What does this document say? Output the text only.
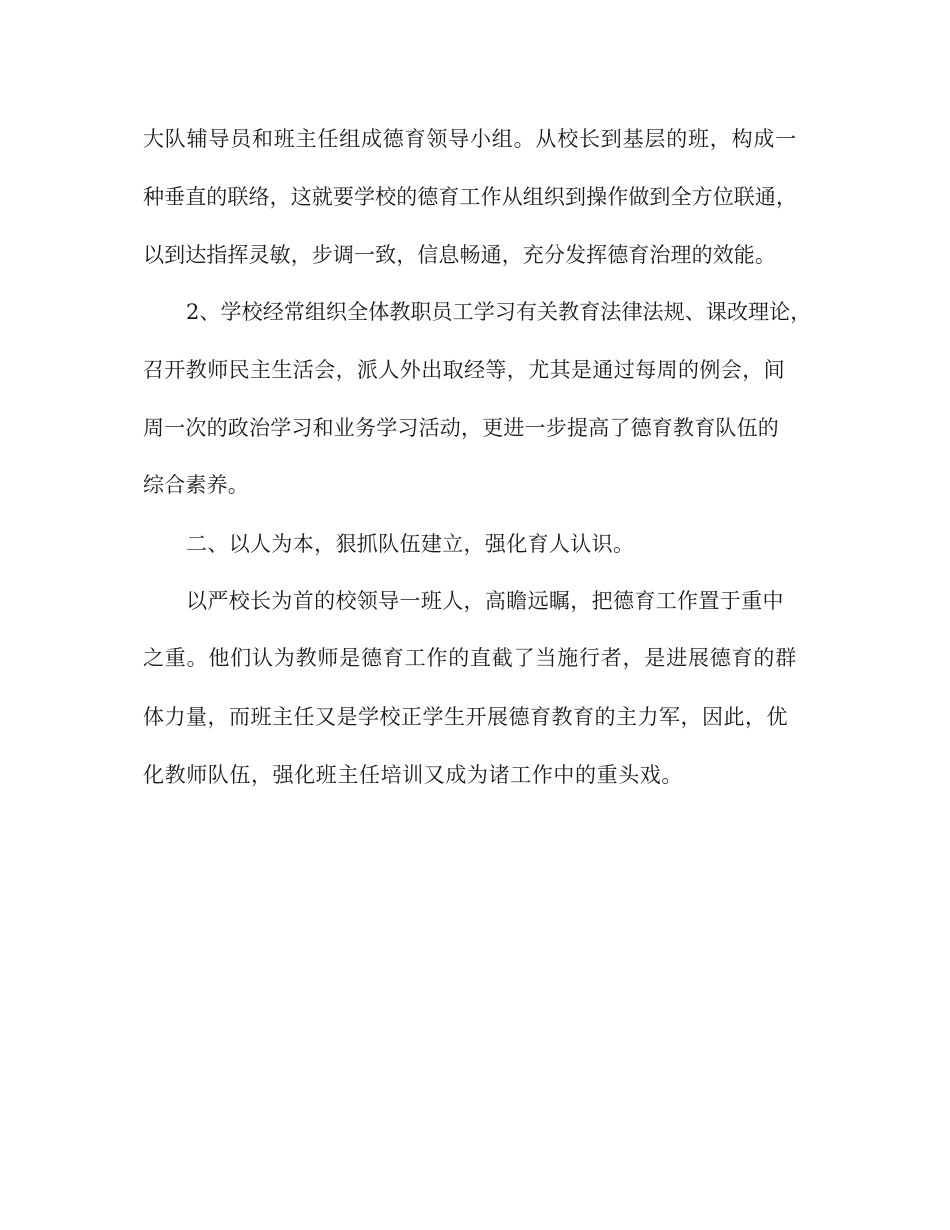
大队辅导员和班主任组成德育领导小组。从校长到基层的班，构成一
种垂直的联络，这就要学校的德育工作从组织到操作做到全方位联通，
以到达指挥灵敏，步调一致，信息畅通，充分发挥德育治理的效能。
2、学校经常组织全体教职员工学习有关教育法律法规、课改理论，
召开教师民主生活会，派人外出取经等，尤其是通过每周的例会，间
周一次的政治学习和业务学习活动，更进一步提高了德育教育队伍的
综合素养。
二、以人为本，狠抓队伍建立，强化育人认识。
以严校长为首的校领导一班人，高瞻远瞩，把德育工作置于重中
之重。他们认为教师是德育工作的直截了当施行者，是进展德育的群
体力量，而班主任又是学校正学生开展德育教育的主力军，因此，优
化教师队伍，强化班主任培训又成为诸工作中的重头戏。
